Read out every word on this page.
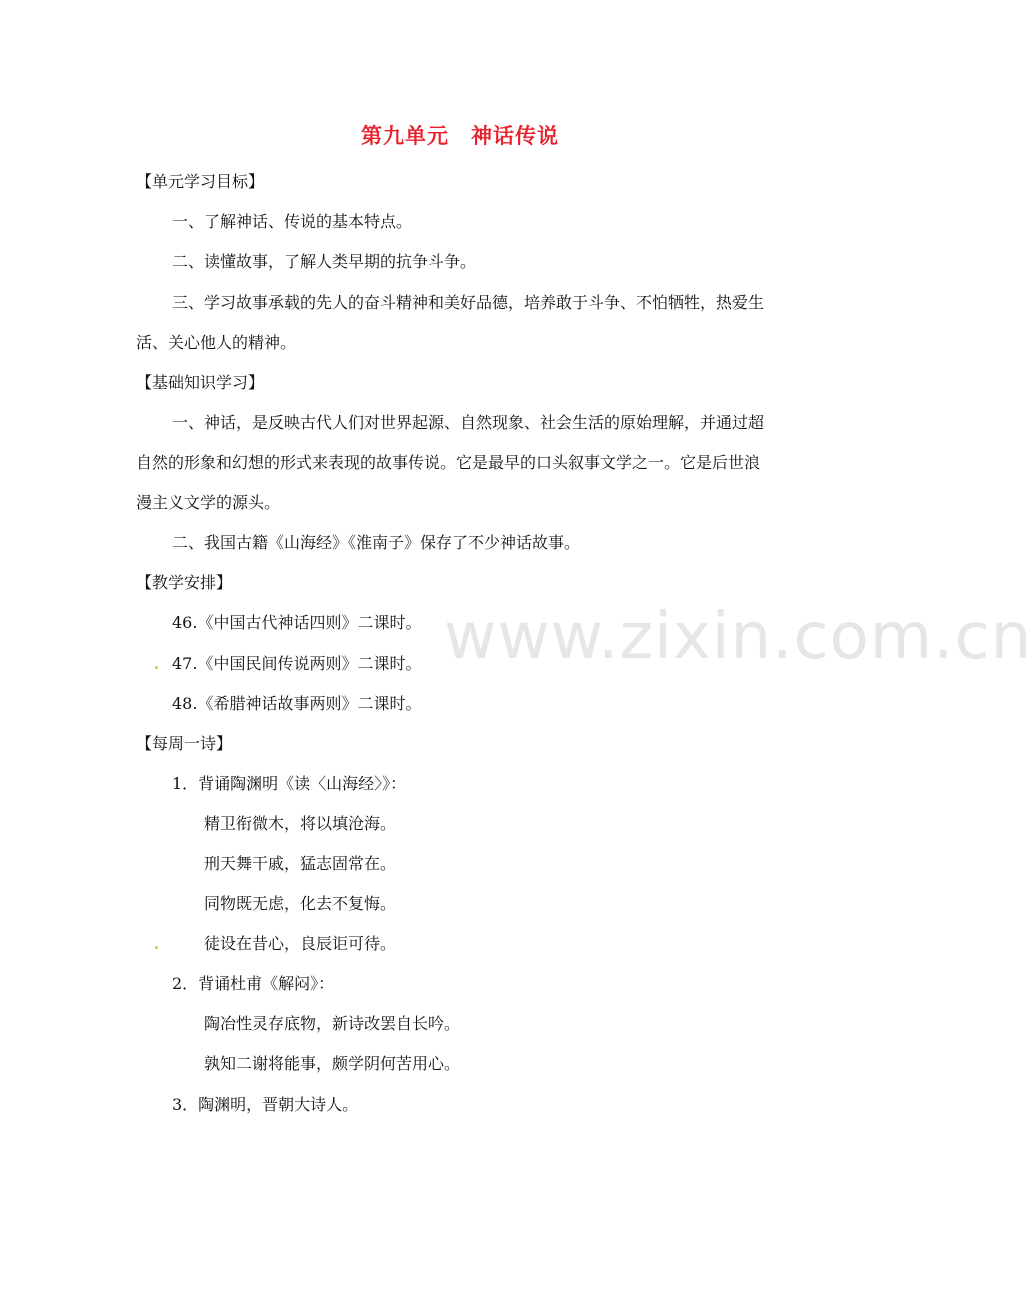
第九单元　神话传说
【单元学习目标】
一、了解神话、传说的基本特点。
二、读懂故事，了解人类早期的抗争斗争。
三、学习故事承载的先人的奋斗精神和美好品德，培养敢于斗争、不怕牺牲，热爱生
活、关心他人的精神。
【基础知识学习】
一、神话，是反映古代人们对世界起源、自然现象、社会生活的原始理解，并通过超
自然的形象和幻想的形式来表现的故事传说。它是最早的口头叙事文学之一。它是后世浪
漫主义文学的源头。
二、我国古籍《山海经》《淮南子》保存了不少神话故事。
【教学安排】
46.《中国古代神话四则》二课时。
47.《中国民间传说两则》二课时。
48.《希腊神话故事两则》二课时。
【每周一诗】
1．背诵陶渊明《读〈山海经〉》：
精卫衔微木，将以填沧海。
刑天舞干戚，猛志固常在。
同物既无虑，化去不复悔。
徒设在昔心，良辰讵可待。
2．背诵杜甫《解闷》：
陶冶性灵存底物，新诗改罢自长吟。
孰知二谢将能事，颇学阴何苦用心。
3．陶渊明，晋朝大诗人。
www.zixin.com.cn
